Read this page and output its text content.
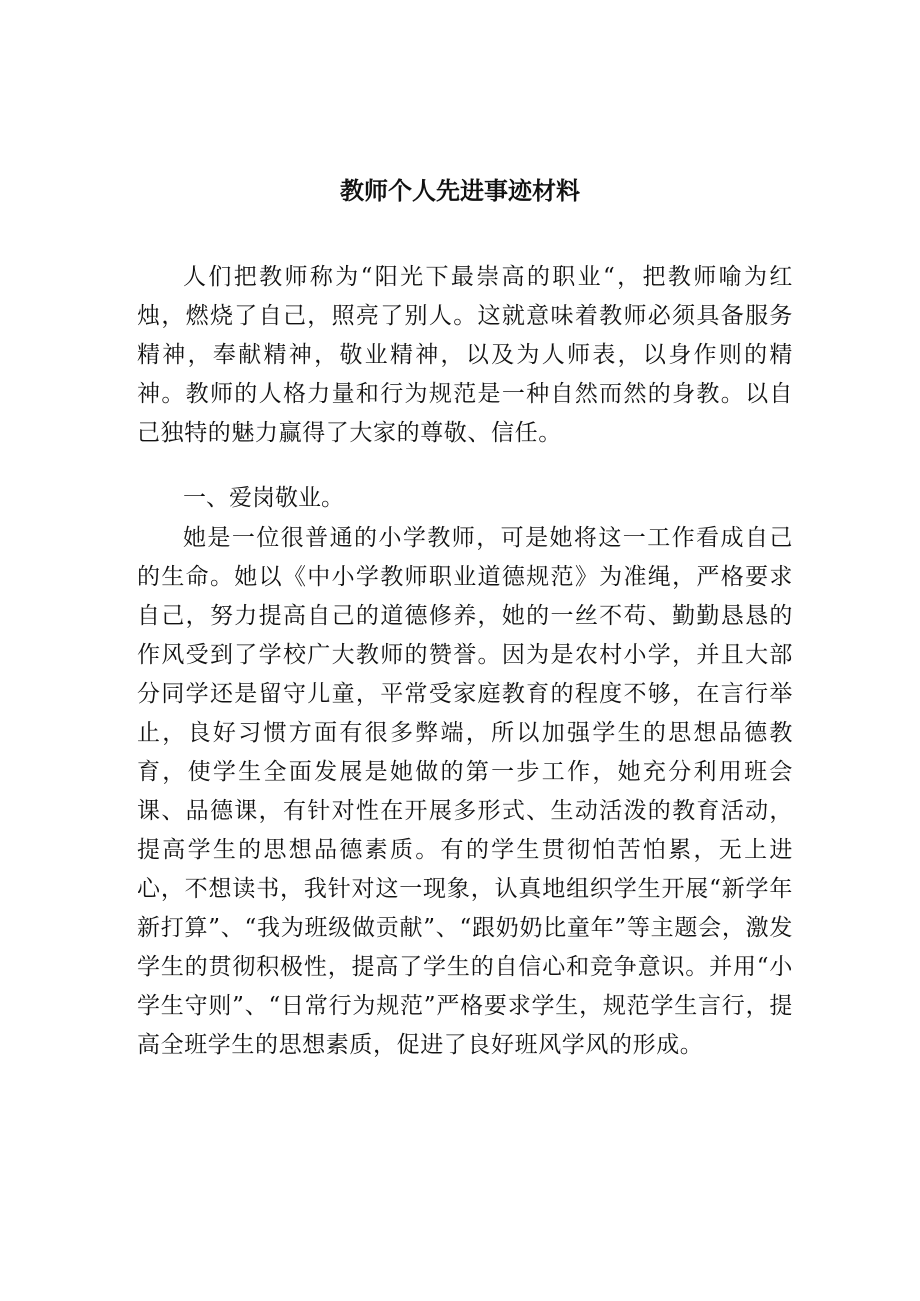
教师个人先进事迹材料

人们把教师称为“阳光下最崇高的职业“，把教师喻为红烛，燃烧了自己，照亮了别人。这就意味着教师必须具备服务精神，奉献精神，敬业精神，以及为人师表，以身作则的精神。教师的人格力量和行为规范是一种自然而然的身教。以自己独特的魅力赢得了大家的尊敬、信任。

一、爱岗敬业。

她是一位很普通的小学教师，可是她将这一工作看成自己的生命。她以《中小学教师职业道德规范》为准绳，严格要求自己，努力提高自己的道德修养，她的一丝不苟、勤勤恳恳的作风受到了学校广大教师的赞誉。因为是农村小学，并且大部分同学还是留守儿童，平常受家庭教育的程度不够，在言行举止，良好习惯方面有很多弊端，所以加强学生的思想品德教育，使学生全面发展是她做的第一步工作，她充分利用班会课、品德课，有针对性在开展多形式、生动活泼的教育活动，提高学生的思想品德素质。有的学生贯彻怕苦怕累，无上进心，不想读书，我针对这一现象，认真地组织学生开展“新学年新打算”、“我为班级做贡献”、“跟奶奶比童年”等主题会，激发学生的贯彻积极性，提高了学生的自信心和竞争意识。并用“小学生守则”、“日常行为规范”严格要求学生，规范学生言行，提高全班学生的思想素质，促进了良好班风学风的形成。
